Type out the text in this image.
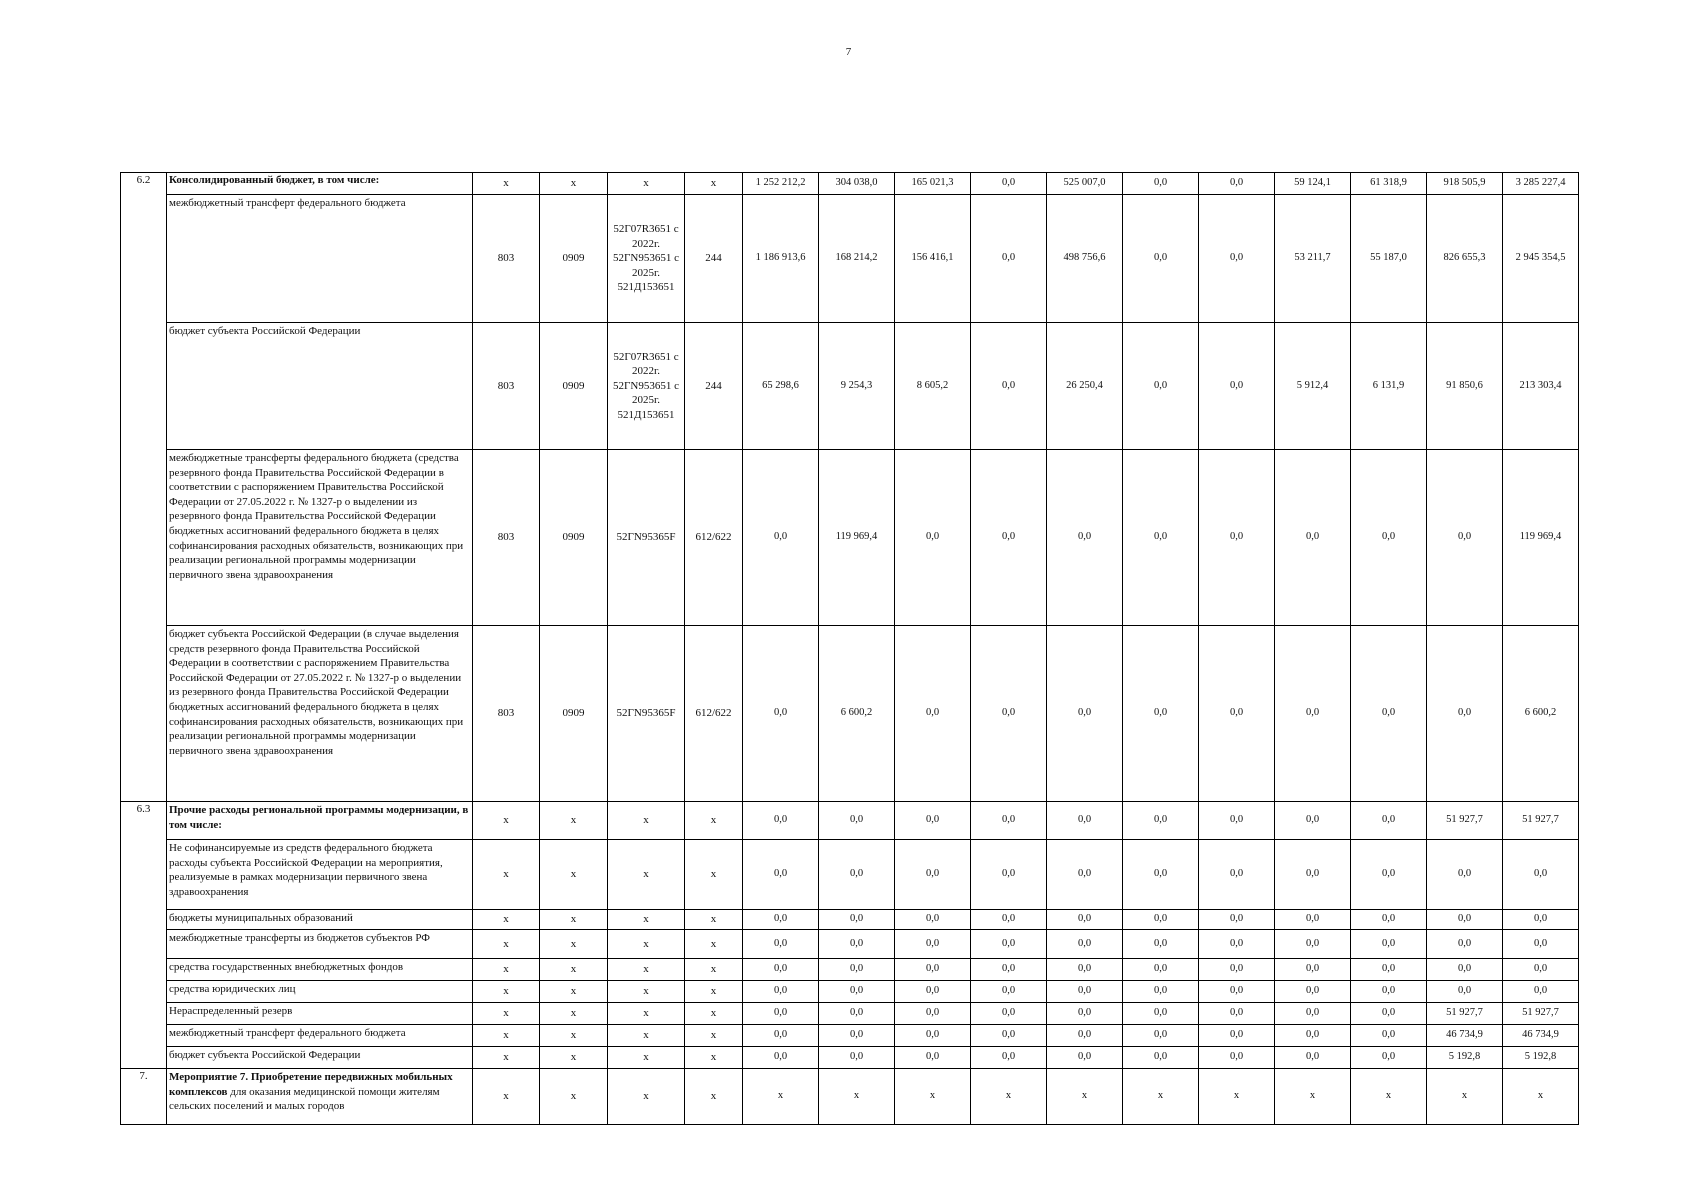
7
6.2	Консолидированный бюджет, в том числе:	x	x	x	x	1 252 212,2	304 038,0	165 021,3	0,0	525 007,0	0,0	0,0	59 124,1	61 318,9	918 505,9	3 285 227,4
	межбюджетный трансферт федерального бюджета	803	0909	52Г07R3651 с 2022г. 52ГN953651 с 2025г. 521Д153651	244	1 186 913,6	168 214,2	156 416,1	0,0	498 756,6	0,0	0,0	53 211,7	55 187,0	826 655,3	2 945 354,5
	бюджет субъекта Российской Федерации	803	0909	52Г07R3651 с 2022г. 52ГN953651 с 2025г. 521Д153651	244	65 298,6	9 254,3	8 605,2	0,0	26 250,4	0,0	0,0	5 912,4	6 131,9	91 850,6	213 303,4
	межбюджетные трансферты федерального бюджета (средства резервного фонда Правительства Российской Федерации в соответствии с распоряжением Правительства Российской Федерации от 27.05.2022 г. № 1327-р о выделении из резервного фонда Правительства Российской Федерации бюджетных ассигнований федерального бюджета в целях софинансирования расходных обязательств, возникающих при реализации региональной программы модернизации первичного звена здравоохранения	803	0909	52ГN95365F	612/622	0,0	119 969,4	0,0	0,0	0,0	0,0	0,0	0,0	0,0	0,0	119 969,4
	бюджет субъекта Российской Федерации (в случае выделения средств резервного фонда Правительства Российской Федерации в соответствии с распоряжением Правительства Российской Федерации от 27.05.2022 г. № 1327-р о выделении из резервного фонда Правительства Российской Федерации бюджетных ассигнований федерального бюджета в целях софинансирования расходных обязательств, возникающих при реализации региональной программы модернизации первичного звена здравоохранения	803	0909	52ГN95365F	612/622	0,0	6 600,2	0,0	0,0	0,0	0,0	0,0	0,0	0,0	0,0	6 600,2
6.3	Прочие расходы региональной программы модернизации, в том числе:	x	x	x	x	0,0	0,0	0,0	0,0	0,0	0,0	0,0	0,0	0,0	51 927,7	51 927,7
	Не софинансируемые из средств федерального бюджета расходы субъекта Российской Федерации на мероприятия, реализуемые в рамках модернизации первичного звена здравоохранения	x	x	x	x	0,0	0,0	0,0	0,0	0,0	0,0	0,0	0,0	0,0	0,0	0,0
	бюджеты муниципальных образований	x	x	x	x	0,0	0,0	0,0	0,0	0,0	0,0	0,0	0,0	0,0	0,0	0,0
	межбюджетные трансферты из бюджетов субъектов РФ	x	x	x	x	0,0	0,0	0,0	0,0	0,0	0,0	0,0	0,0	0,0	0,0	0,0
	средства государственных внебюджетных фондов	x	x	x	x	0,0	0,0	0,0	0,0	0,0	0,0	0,0	0,0	0,0	0,0	0,0
	средства юридических лиц	x	x	x	x	0,0	0,0	0,0	0,0	0,0	0,0	0,0	0,0	0,0	0,0	0,0
	Нераспределенный резерв	x	x	x	x	0,0	0,0	0,0	0,0	0,0	0,0	0,0	0,0	0,0	51 927,7	51 927,7
	межбюджетный трансферт федерального бюджета	x	x	x	x	0,0	0,0	0,0	0,0	0,0	0,0	0,0	0,0	0,0	46 734,9	46 734,9
	бюджет субъекта Российской Федерации	x	x	x	x	0,0	0,0	0,0	0,0	0,0	0,0	0,0	0,0	0,0	5 192,8	5 192,8
7.	Мероприятие 7. Приобретение передвижных мобильных комплексов для оказания медицинской помощи жителям сельских поселений и малых городов	x	x	x	x	x	x	x	x	x	x	x	x	x	x	x
